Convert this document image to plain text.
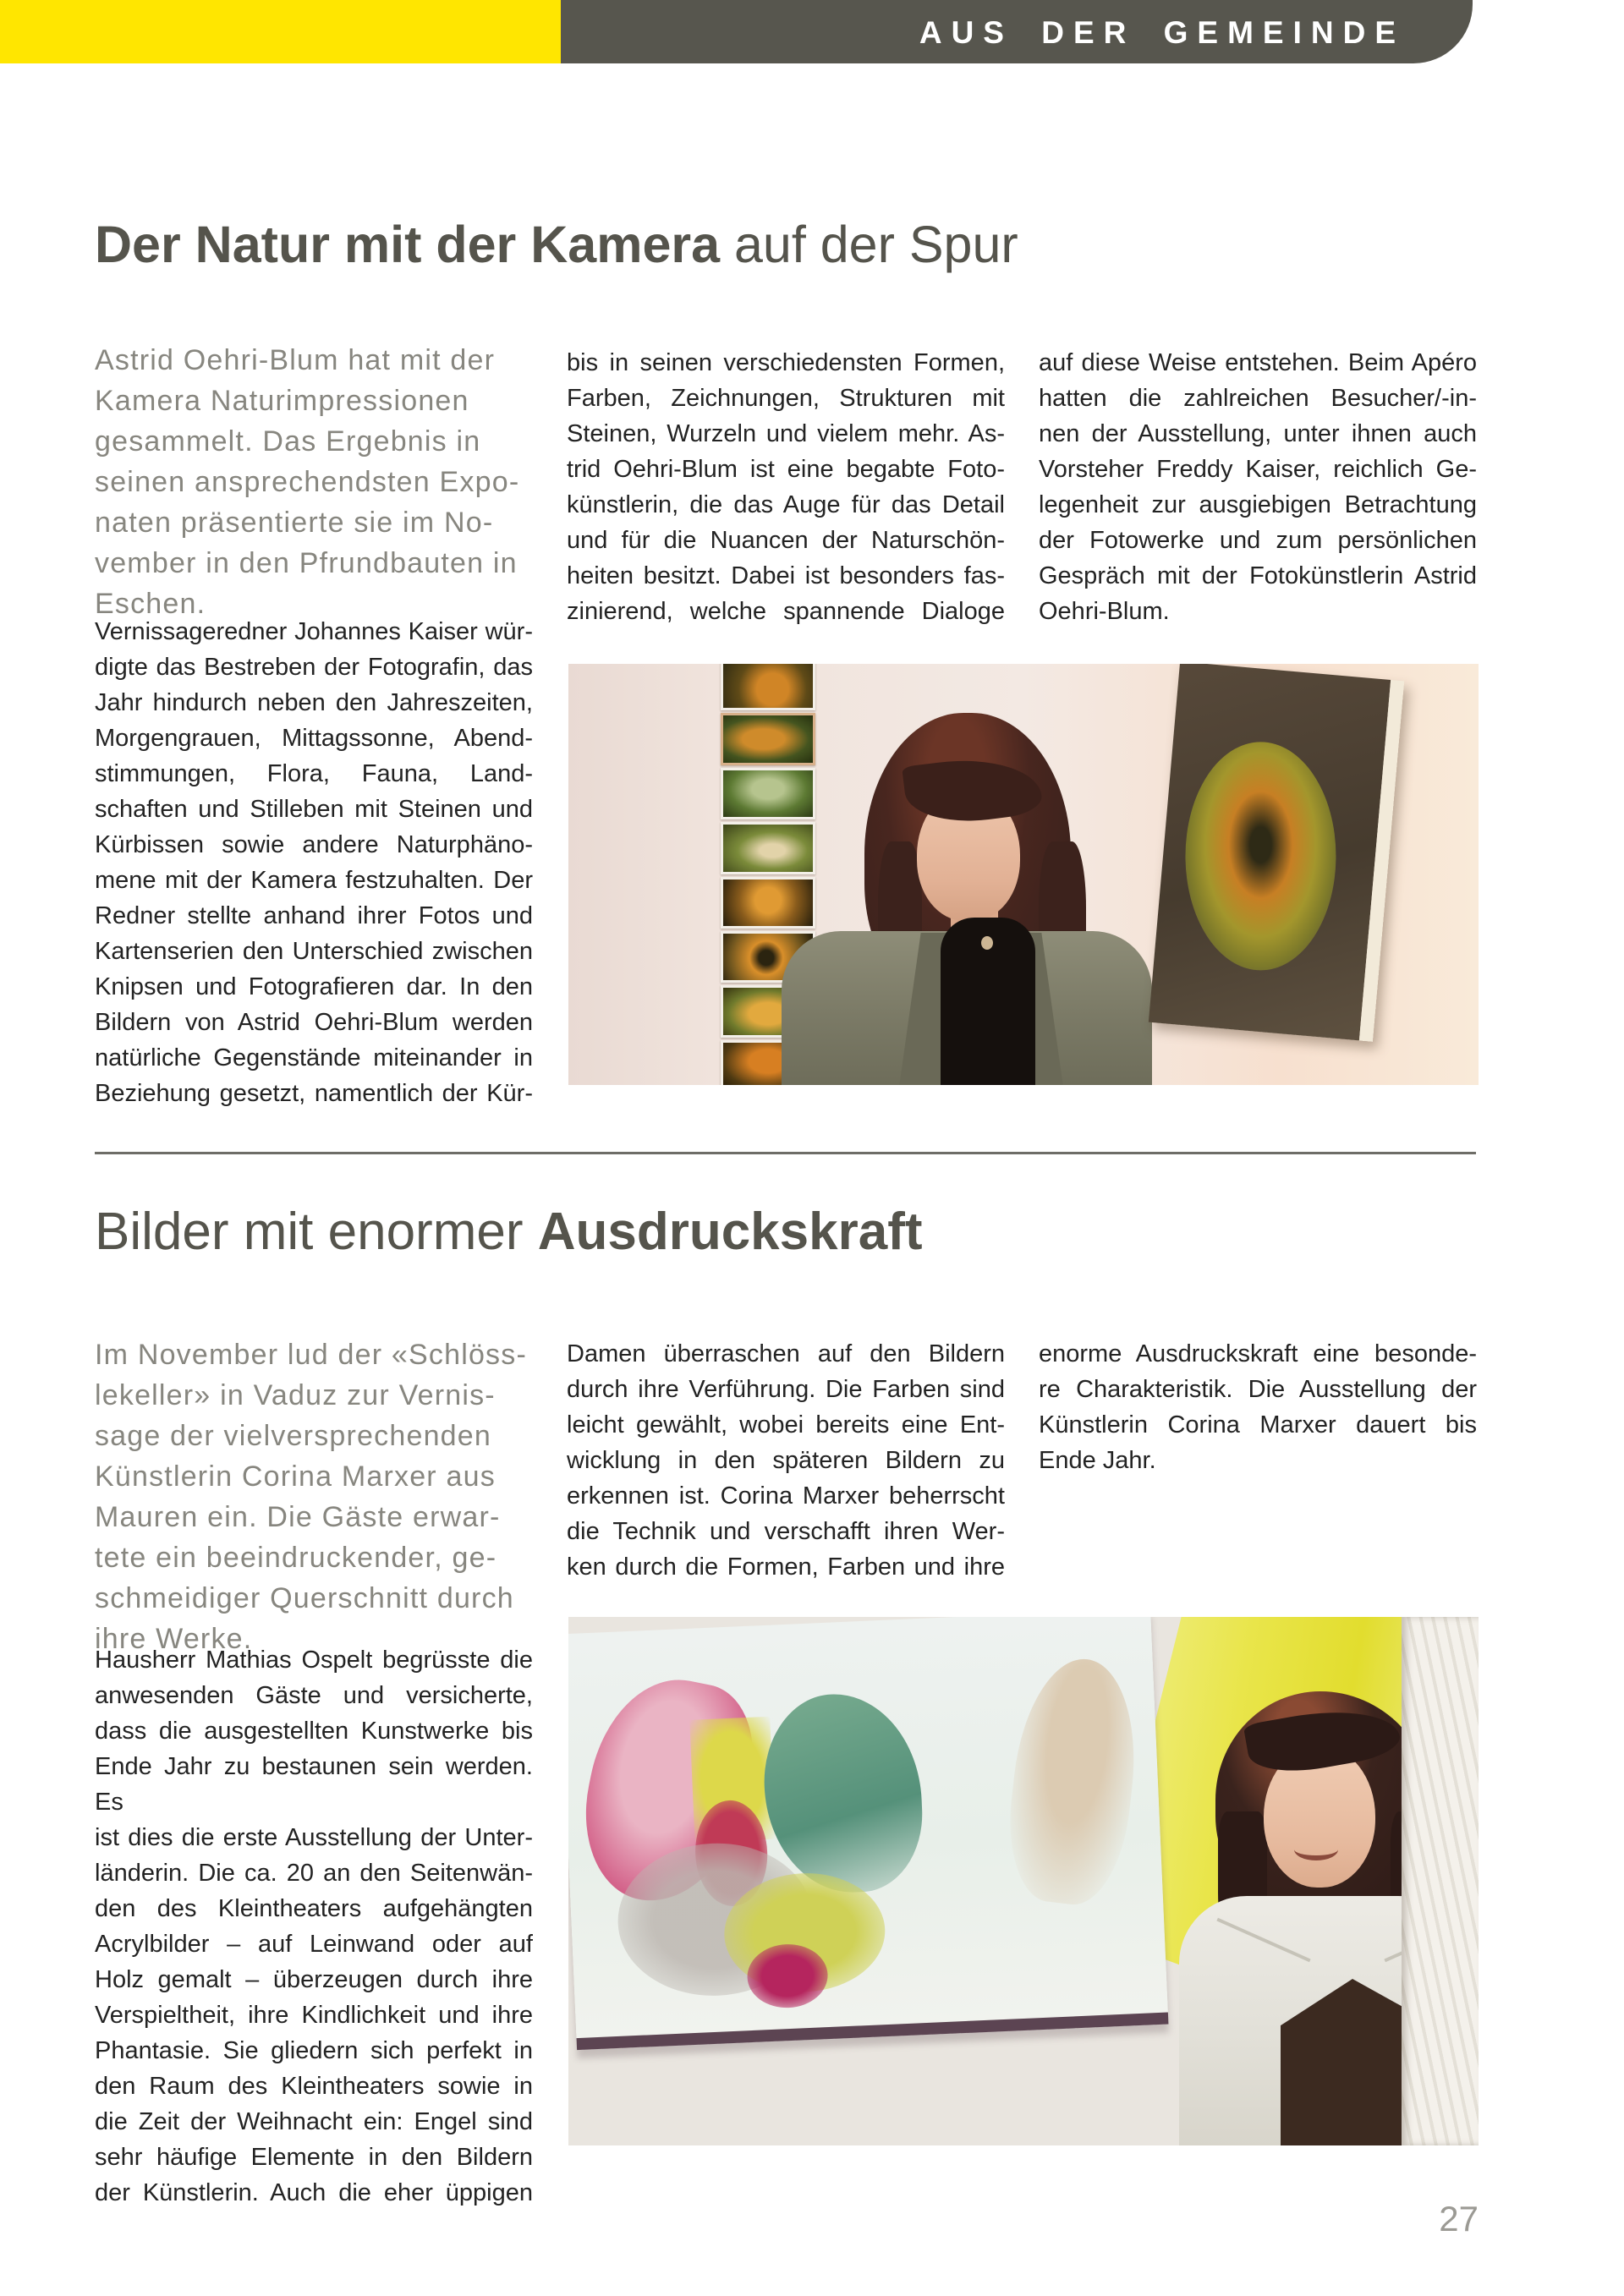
AUS DER GEMEINDE
Der Natur mit der Kamera auf der Spur
Astrid Oehri-Blum hat mit der
Kamera Naturimpressionen
gesammelt. Das Ergebnis in
seinen ansprechendsten Expo-
naten präsentierte sie im No-
vember in den Pfrundbauten in
Eschen.
Vernissageredner Johannes Kaiser wür-
digte das Bestreben der Fotografin, das
Jahr hindurch neben den Jahreszeiten,
Morgengrauen, Mittagssonne, Abend-
stimmungen, Flora, Fauna, Land-
schaften und Stilleben mit Steinen und
Kürbissen sowie andere Naturphäno-
mene mit der Kamera festzuhalten. Der
Redner stellte anhand ihrer Fotos und
Kartenserien den Unterschied zwischen
Knipsen und Fotografieren dar. In den
Bildern von Astrid Oehri-Blum werden
natürliche Gegenstände miteinander in
Beziehung gesetzt, namentlich der Kür-
bis in seinen verschiedensten Formen,
Farben, Zeichnungen, Strukturen mit
Steinen, Wurzeln und vielem mehr. As-
trid Oehri-Blum ist eine begabte Foto-
künstlerin, die das Auge für das Detail
und für die Nuancen der Naturschön-
heiten besitzt. Dabei ist besonders fas-
zinierend, welche spannende Dialoge
auf diese Weise entstehen. Beim Apéro
hatten die zahlreichen Besucher/-in-
nen der Ausstellung, unter ihnen auch
Vorsteher Freddy Kaiser, reichlich Ge-
legenheit zur ausgiebigen Betrachtung
der Fotowerke und zum persönlichen
Gespräch mit der Fotokünstlerin Astrid
Oehri-Blum.
Bilder mit enormer Ausdruckskraft
Im November lud der «Schlöss-
lekeller» in Vaduz zur Vernis-
sage der vielversprechenden
Künstlerin Corina Marxer aus
Mauren ein. Die Gäste erwar-
tete ein beeindruckender, ge-
schmeidiger Querschnitt durch
ihre Werke.
Hausherr Mathias Ospelt begrüsste die
anwesenden Gäste und versicherte,
dass die ausgestellten Kunstwerke bis
Ende Jahr zu bestaunen sein werden. Es
ist dies die erste Ausstellung der Unter-
länderin. Die ca. 20 an den Seitenwän-
den des Kleintheaters aufgehängten
Acrylbilder – auf Leinwand oder auf
Holz gemalt – überzeugen durch ihre
Verspieltheit, ihre Kindlichkeit und ihre
Phantasie. Sie gliedern sich perfekt in
den Raum des Kleintheaters sowie in
die Zeit der Weihnacht ein: Engel sind
sehr häufige Elemente in den Bildern
der Künstlerin. Auch die eher üppigen
Damen überraschen auf den Bildern
durch ihre Verführung. Die Farben sind
leicht gewählt, wobei bereits eine Ent-
wicklung in den späteren Bildern zu
erkennen ist. Corina Marxer beherrscht
die Technik und verschafft ihren Wer-
ken durch die Formen, Farben und ihre
enorme Ausdruckskraft eine besonde-
re Charakteristik. Die Ausstellung der
Künstlerin Corina Marxer dauert bis
Ende Jahr.
27
